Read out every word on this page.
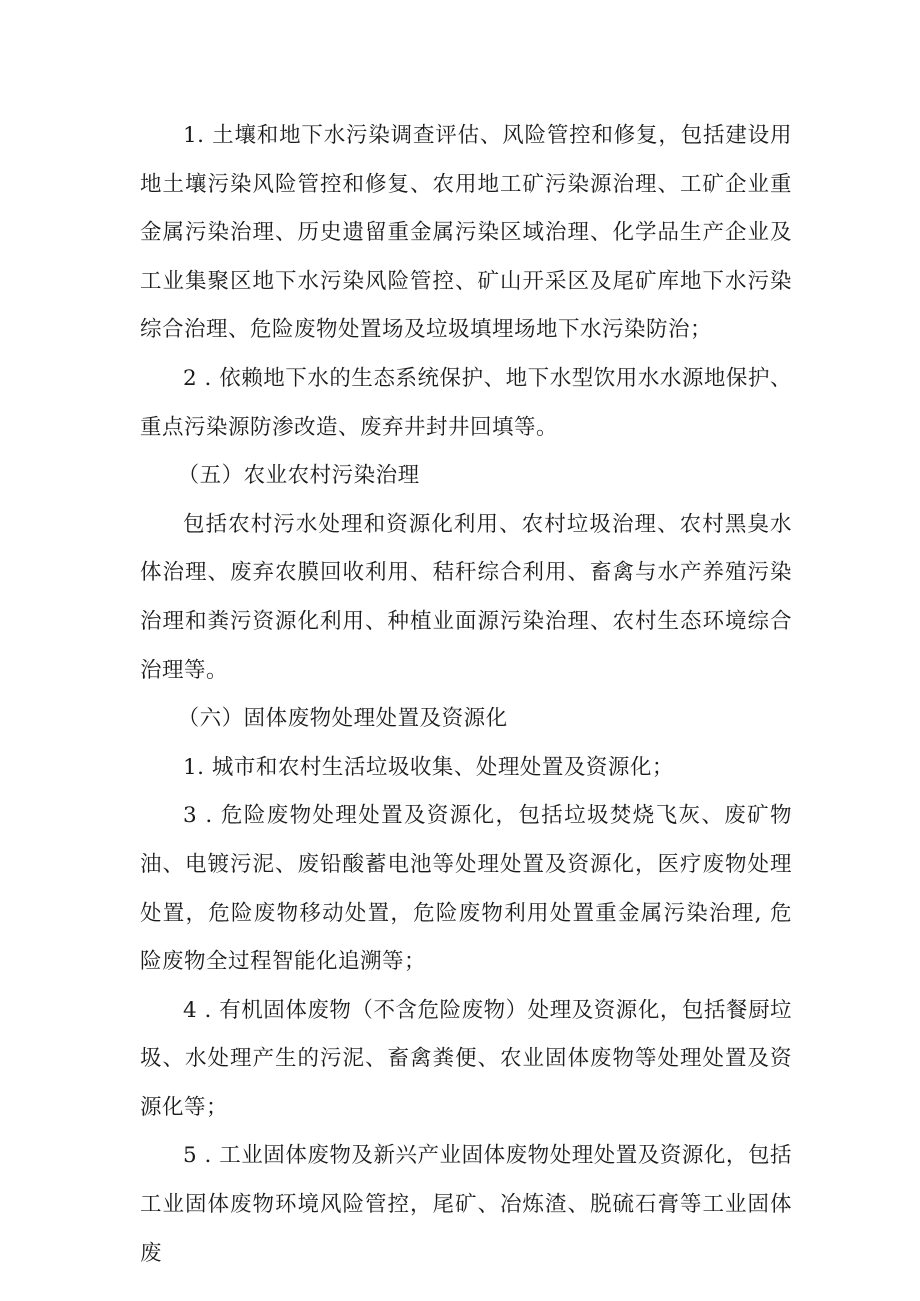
1. 土壤和地下水污染调查评估、风险管控和修复，包括建设用地土壤污染风险管控和修复、农用地工矿污染源治理、工矿企业重金属污染治理、历史遗留重金属污染区域治理、化学品生产企业及工业集聚区地下水污染风险管控、矿山开采区及尾矿库地下水污染综合治理、危险废物处置场及垃圾填埋场地下水污染防治；

2 . 依赖地下水的生态系统保护、地下水型饮用水水源地保护、重点污染源防渗改造、废弃井封井回填等。

（五）农业农村污染治理

包括农村污水处理和资源化利用、农村垃圾治理、农村黑臭水体治理、废弃农膜回收利用、秸秆综合利用、畜禽与水产养殖污染治理和粪污资源化利用、种植业面源污染治理、农村生态环境综合治理等。

（六）固体废物处理处置及资源化

1. 城市和农村生活垃圾收集、处理处置及资源化；

3 . 危险废物处理处置及资源化，包括垃圾焚烧飞灰、废矿物油、电镀污泥、废铅酸蓄电池等处理处置及资源化，医疗废物处理处置，危险废物移动处置，危险废物利用处置重金属污染治理, 危险废物全过程智能化追溯等；

4 . 有机固体废物（不含危险废物）处理及资源化，包括餐厨垃圾、水处理产生的污泥、畜禽粪便、农业固体废物等处理处置及资源化等；

5 . 工业固体废物及新兴产业固体废物处理处置及资源化，包括工业固体废物环境风险管控，尾矿、冶炼渣、脱硫石膏等工业固体废
